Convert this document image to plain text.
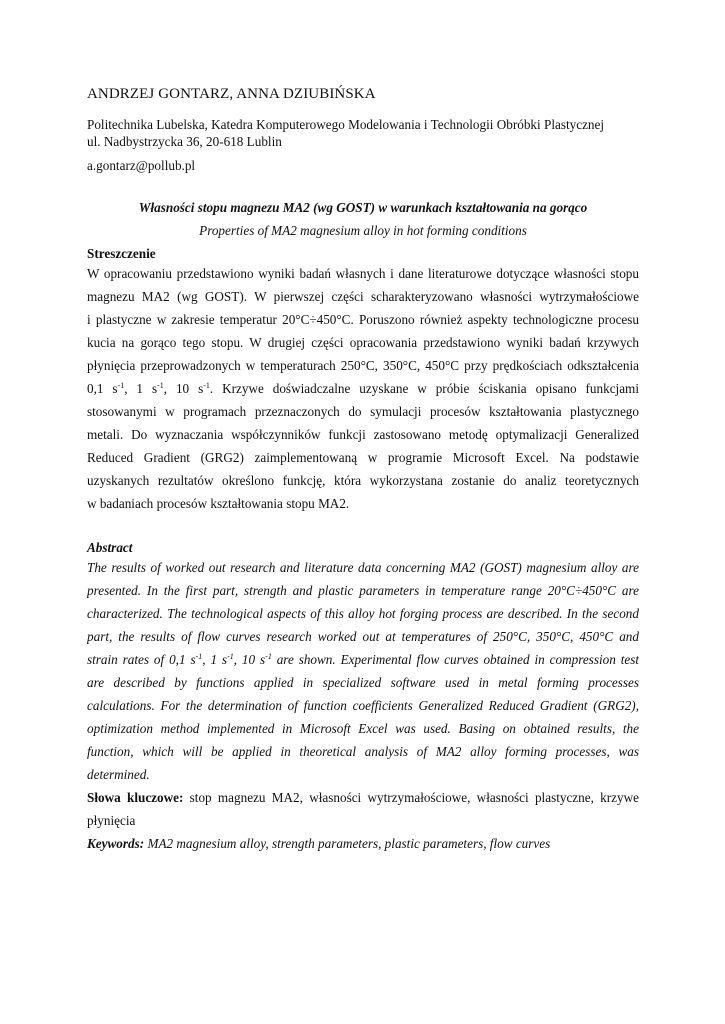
ANDRZEJ GONTARZ, ANNA DZIUBIŃSKA

Politechnika Lubelska, Katedra Komputerowego Modelowania i Technologii Obróbki Plastycznej

ul. Nadbystrzycka 36, 20-618 Lublin

a.gontarz@pollub.pl

Własności stopu magnezu MA2 (wg GOST) w warunkach kształtowania na gorąco

Properties of MA2 magnesium alloy in hot forming conditions

Streszczenie

W opracowaniu przedstawiono wyniki badań własnych i dane literaturowe dotyczące własności stopu
magnezu MA2 (wg GOST). W pierwszej części scharakteryzowano własności wytrzymałościowe
i plastyczne w zakresie temperatur 20°C÷450°C. Poruszono również aspekty technologiczne procesu
kucia na gorąco tego stopu. W drugiej części opracowania przedstawiono wyniki badań krzywych
płynięcia przeprowadzonych w temperaturach 250°C, 350°C, 450°C przy prędkościach odkształcenia
0,1 $s^{-1}$, 1 $s^{-1}$, 10 $s^{-1}$. Krzywe doświadczalne uzyskane w próbie ściskania opisano funkcjami
stosowanymi w programach przeznaczonych do symulacji procesów kształtowania plastycznego
metali. Do wyznaczania współczynników funkcji zastosowano metodę optymalizacji Generalized
Reduced Gradient (GRG2) zaimplementowaną w programie Microsoft Excel. Na podstawie
uzyskanych rezultatów określono funkcję, która wykorzystana zostanie do analiz teoretycznych
w badaniach procesów kształtowania stopu MA2.

Abstract

The results of worked out research and literature data concerning MA2 (GOST) magnesium alloy are
presented. In the first part, strength and plastic parameters in temperature range 20°C÷450°C are
characterized. The technological aspects of this alloy hot forging process are described. In the second
part, the results of flow curves research worked out at temperatures of 250°C, 350°C, 450°C and
strain rates of 0,1 $s^{-1}$, 1 $s^{-1}$, 10 $s^{-1}$ are shown. Experimental flow curves obtained in compression test
are described by functions applied in specialized software used in metal forming processes
calculations. For the determination of function coefficients Generalized Reduced Gradient (GRG2),
optimization method implemented in Microsoft Excel was used. Basing on obtained results, the
function, which will be applied in theoretical analysis of MA2 alloy forming processes, was
determined.
Słowa kluczowe: stop magnezu MA2, własności wytrzymałościowe, własności plastyczne, krzywe
płynięcia
Keywords: MA2 magnesium alloy, strength parameters, plastic parameters, flow curves
